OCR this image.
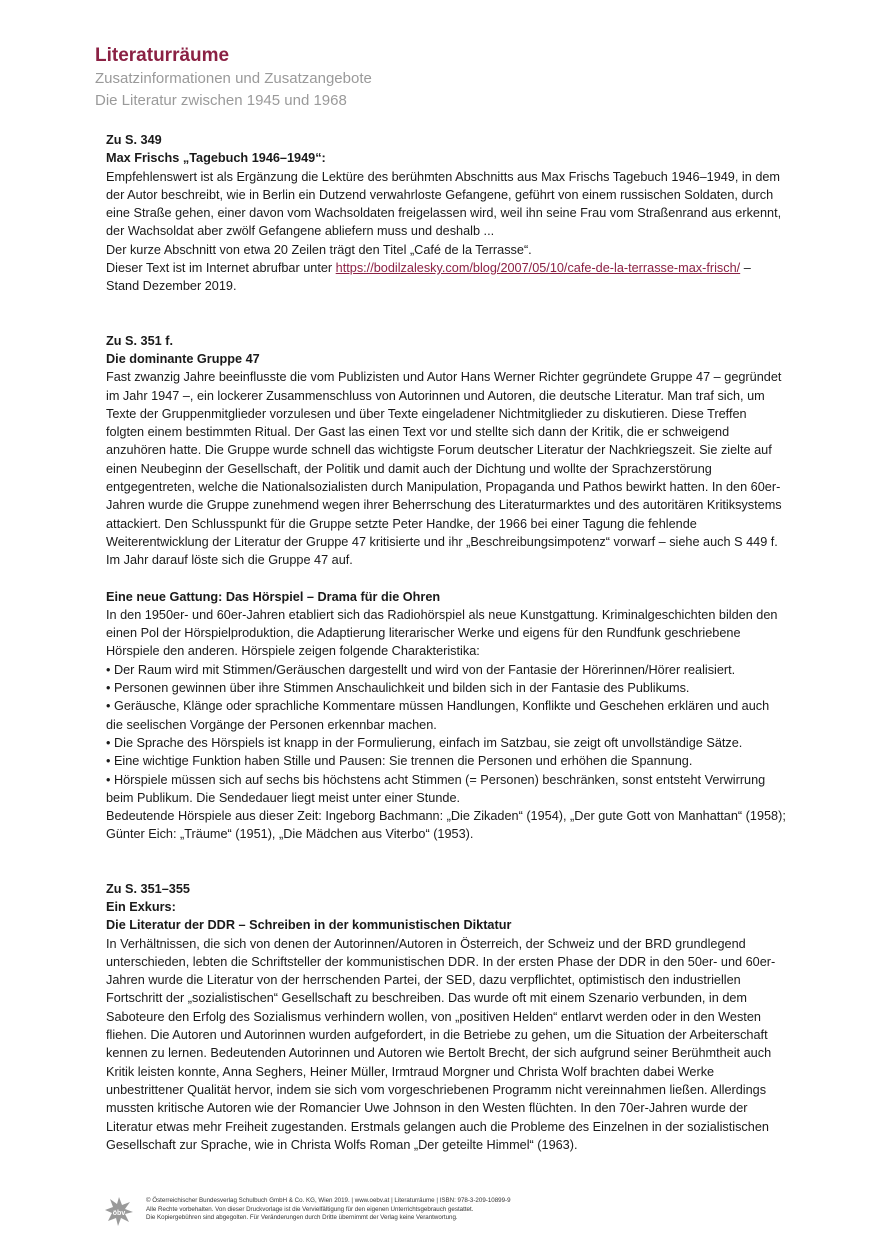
Literaturräume
Zusatzinformationen und Zusatzangebote
Die Literatur zwischen 1945 und 1968

Zu S. 349

Max Frischs „Tagebuch 1946–1949“:

Empfehlenswert ist als Ergänzung die Lektüre des berühmten Abschnitts aus Max Frischs Tagebuch 1946–1949, in dem der Autor beschreibt, wie in Berlin ein Dutzend verwahrloste Gefangene, geführt von einem russischen Soldaten, durch eine Straße gehen, einer davon vom Wachsoldaten freigelassen wird, weil ihn seine Frau vom Straßenrand aus erkennt, der Wachsoldat aber zwölf Gefangene abliefern muss und deshalb ...

Der kurze Abschnitt von etwa 20 Zeilen trägt den Titel „Café de la Terrasse“.

Dieser Text ist im Internet abrufbar unter https://bodilzalesky.com/blog/2007/05/10/cafe-de-la-terrasse-max-frisch/ – Stand Dezember 2019.

Zu S. 351 f.

Die dominante Gruppe 47

Fast zwanzig Jahre beeinflusste die vom Publizisten und Autor Hans Werner Richter gegründete Gruppe 47 – gegründet im Jahr 1947 –, ein lockerer Zusammenschluss von Autorinnen und Autoren, die deutsche Literatur. Man traf sich, um Texte der Gruppenmitglieder vorzulesen und über Texte eingeladener Nichtmitglieder zu diskutieren. Diese Treffen folgten einem bestimmten Ritual. Der Gast las einen Text vor und stellte sich dann der Kritik, die er schweigend anzuhören hatte. Die Gruppe wurde schnell das wichtigste Forum deutscher Literatur der Nachkriegszeit. Sie zielte auf einen Neubeginn der Gesellschaft, der Politik und damit auch der Dichtung und wollte der Sprachzerstörung entgegentreten, welche die Nationalsozialisten durch Manipulation, Propaganda und Pathos bewirkt hatten. In den 60er-Jahren wurde die Gruppe zunehmend wegen ihrer Beherrschung des Literaturmarktes und des autoritären Kritiksystems attackiert. Den Schlusspunkt für die Gruppe setzte Peter Handke, der 1966 bei einer Tagung die fehlende Weiterentwicklung der Literatur der Gruppe 47 kritisierte und ihr „Beschreibungsimpotenz“ vorwarf – siehe auch S 449 f. Im Jahr darauf löste sich die Gruppe 47 auf.

Eine neue Gattung: Das Hörspiel – Drama für die Ohren

In den 1950er- und 60er-Jahren etabliert sich das Radiohörspiel als neue Kunstgattung. Kriminalgeschichten bilden den einen Pol der Hörspielproduktion, die Adaptierung literarischer Werke und eigens für den Rundfunk geschriebene Hörspiele den anderen. Hörspiele zeigen folgende Charakteristika:

• Der Raum wird mit Stimmen/Geräuschen dargestellt und wird von der Fantasie der Hörerinnen/Hörer realisiert.

• Personen gewinnen über ihre Stimmen Anschaulichkeit und bilden sich in der Fantasie des Publikums.

• Geräusche, Klänge oder sprachliche Kommentare müssen Handlungen, Konflikte und Geschehen erklären und auch die seelischen Vorgänge der Personen erkennbar machen.

• Die Sprache des Hörspiels ist knapp in der Formulierung, einfach im Satzbau, sie zeigt oft unvollständige Sätze.

• Eine wichtige Funktion haben Stille und Pausen: Sie trennen die Personen und erhöhen die Spannung.

• Hörspiele müssen sich auf sechs bis höchstens acht Stimmen (= Personen) beschränken, sonst entsteht Verwirrung beim Publikum. Die Sendedauer liegt meist unter einer Stunde.

Bedeutende Hörspiele aus dieser Zeit: Ingeborg Bachmann: „Die Zikaden“ (1954), „Der gute Gott von Manhattan“ (1958); Günter Eich: „Träume“ (1951), „Die Mädchen aus Viterbo“ (1953).

Zu S. 351–355

Ein Exkurs:

Die Literatur der DDR – Schreiben in der kommunistischen Diktatur

In Verhältnissen, die sich von denen der Autorinnen/Autoren in Österreich, der Schweiz und der BRD grundlegend unterschieden, lebten die Schriftsteller der kommunistischen DDR. In der ersten Phase der DDR in den 50er- und 60er- Jahren wurde die Literatur von der herrschenden Partei, der SED, dazu verpflichtet, optimistisch den industriellen Fortschritt der „sozialistischen“ Gesellschaft zu beschreiben. Das wurde oft mit einem Szenario verbunden, in dem Saboteure den Erfolg des Sozialismus verhindern wollen, von „positiven Helden“ entlarvt werden oder in den Westen fliehen. Die Autoren und Autorinnen wurden aufgefordert, in die Betriebe zu gehen, um die Situation der Arbeiterschaft kennen zu lernen. Bedeutenden Autorinnen und Autoren wie Bertolt Brecht, der sich aufgrund seiner Berühmtheit auch Kritik leisten konnte, Anna Seghers, Heiner Müller, Irmtraud Morgner und Christa Wolf brachten dabei Werke unbestrittener Qualität hervor, indem sie sich vom vorgeschriebenen Programm nicht vereinnahmen ließen. Allerdings mussten kritische Autoren wie der Romancier Uwe Johnson in den Westen flüchten. In den 70er-Jahren wurde der Literatur etwas mehr Freiheit zugestanden. Erstmals gelangen auch die Probleme des Einzelnen in der sozialistischen Gesellschaft zur Sprache, wie in Christa Wolfs Roman „Der geteilte Himmel“ (1963).

öbv
© Österreichischer Bundesverlag Schulbuch GmbH & Co. KG, Wien 2019. | www.oebv.at | Literaturräume | ISBN: 978-3-209-10899-9
Alle Rechte vorbehalten. Von dieser Druckvorlage ist die Vervielfältigung für den eigenen Unterrichtsgebrauch gestattet.
Die Kopiergebühren sind abgegolten. Für Veränderungen durch Dritte übernimmt der Verlag keine Verantwortung.
